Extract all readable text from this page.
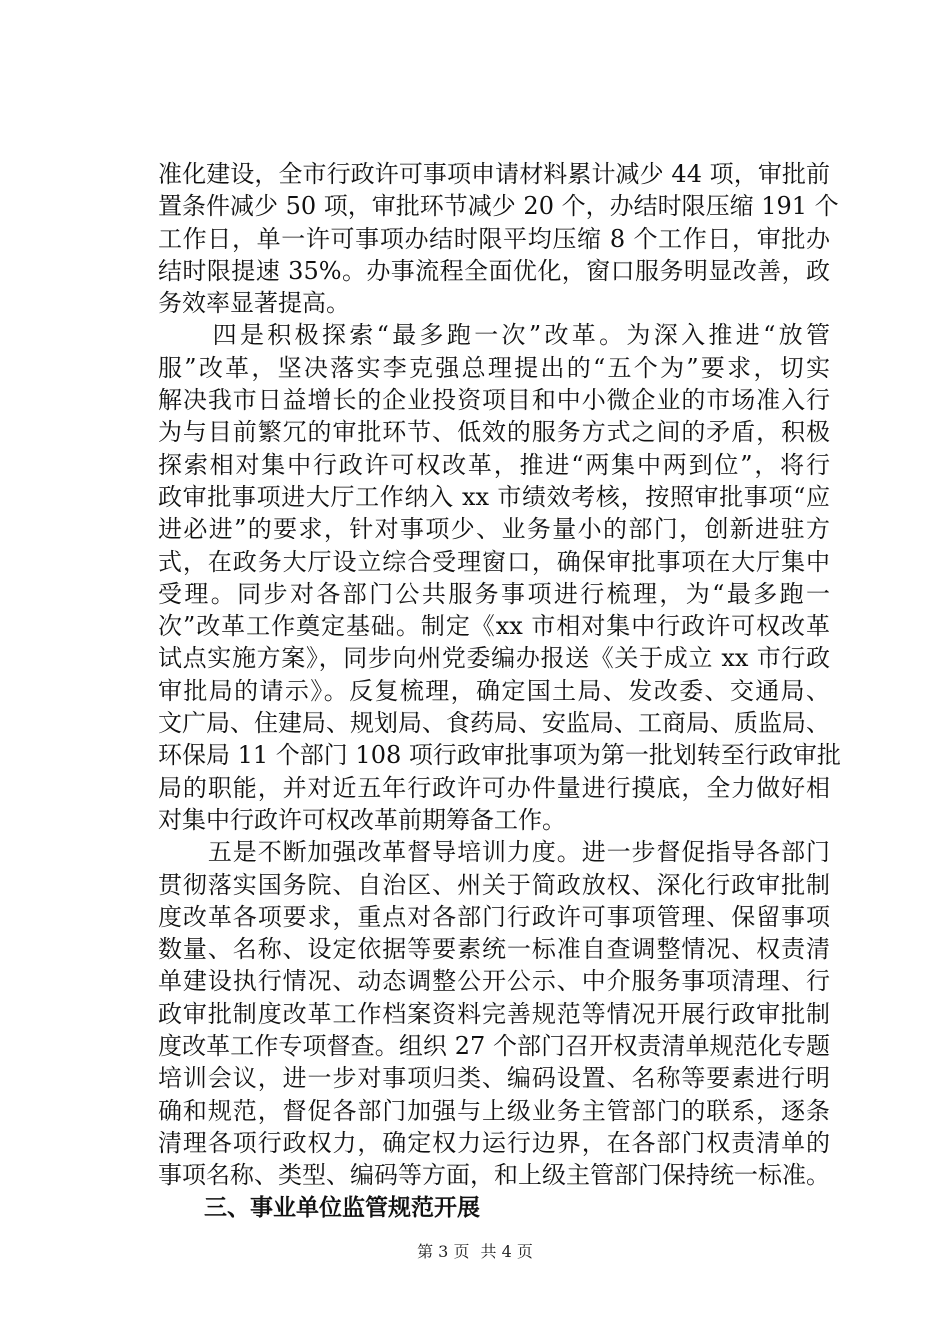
准化建设，全市行政许可事项申请材料累计减少 44 项，审批前
置条件减少 50 项，审批环节减少 20 个，办结时限压缩 191 个
工作日，单一许可事项办结时限平均压缩 8 个工作日，审批办
结时限提速 35%。办事流程全面优化，窗口服务明显改善，政
务效率显著提高。
　　四是积极探索“最多跑一次”改革。为深入推进“放管
服”改革，坚决落实李克强总理提出的“五个为”要求，切实
解决我市日益增长的企业投资项目和中小微企业的市场准入行
为与目前繁冗的审批环节、低效的服务方式之间的矛盾，积极
探索相对集中行政许可权改革，推进“两集中两到位”，将行
政审批事项进大厅工作纳入 xx 市绩效考核，按照审批事项“应
进必进”的要求，针对事项少、业务量小的部门，创新进驻方
式，在政务大厅设立综合受理窗口，确保审批事项在大厅集中
受理。同步对各部门公共服务事项进行梳理，为“最多跑一
次”改革工作奠定基础。制定《xx 市相对集中行政许可权改革
试点实施方案》，同步向州党委编办报送《关于成立 xx 市行政
审批局的请示》。反复梳理，确定国土局、发改委、交通局、
文广局、住建局、规划局、食药局、安监局、工商局、质监局、
环保局 11 个部门 108 项行政审批事项为第一批划转至行政审批
局的职能，并对近五年行政许可办件量进行摸底，全力做好相
对集中行政许可权改革前期筹备工作。
　　五是不断加强改革督导培训力度。进一步督促指导各部门
贯彻落实国务院、自治区、州关于简政放权、深化行政审批制
度改革各项要求，重点对各部门行政许可事项管理、保留事项
数量、名称、设定依据等要素统一标准自查调整情况、权责清
单建设执行情况、动态调整公开公示、中介服务事项清理、行
政审批制度改革工作档案资料完善规范等情况开展行政审批制
度改革工作专项督查。组织 27 个部门召开权责清单规范化专题
培训会议，进一步对事项归类、编码设置、名称等要素进行明
确和规范，督促各部门加强与上级业务主管部门的联系，逐条
清理各项行政权力，确定权力运行边界，在各部门权责清单的
事项名称、类型、编码等方面，和上级主管部门保持统一标准。
　　三、事业单位监管规范开展
第 3 页 共 4 页
